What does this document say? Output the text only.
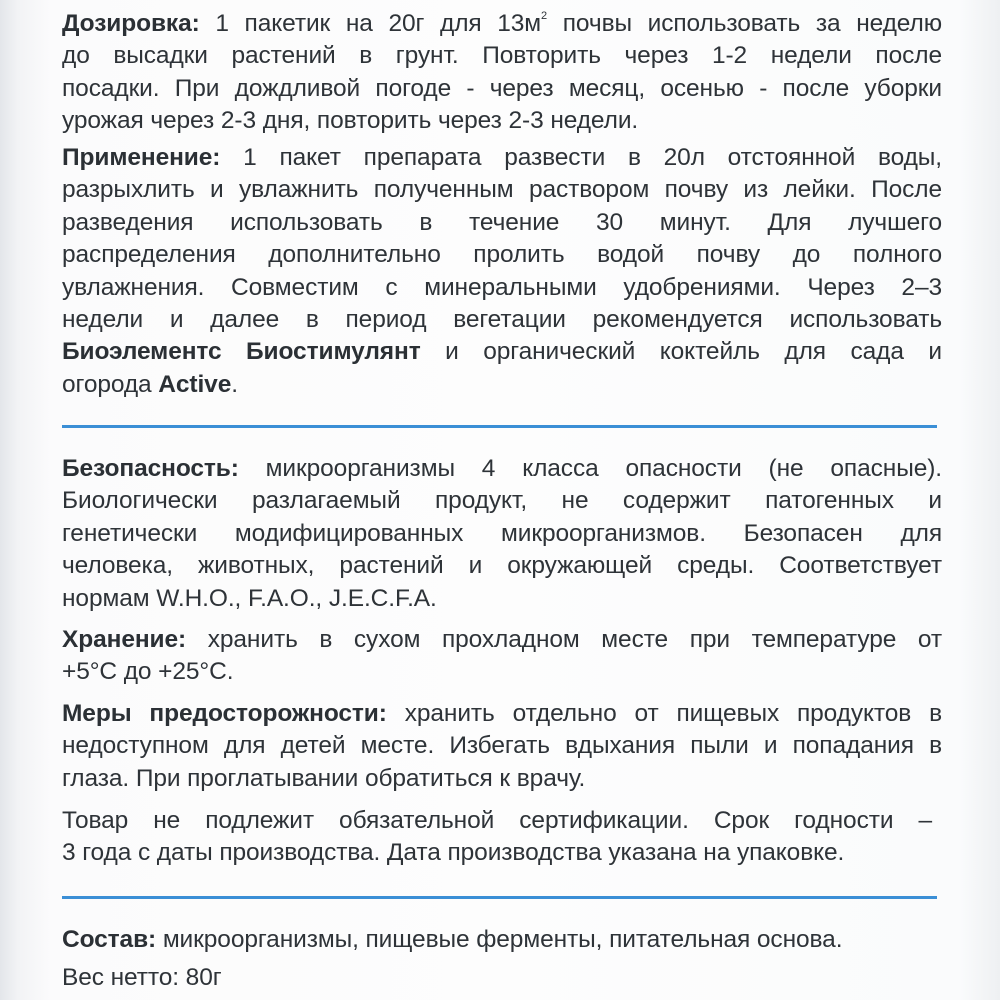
Дозировка: 1 пакетик на 20г для $13м^2$ почвы использовать за неделю
до высадки растений в грунт. Повторить через 1-2 недели после
посадки. При дождливой погоде - через месяц, осенью - после уборки
урожая через 2-3 дня, повторить через 2-3 недели.
Применение: 1 пакет препарата развести в 20л отстоянной воды,
разрыхлить и увлажнить полученным раствором почву из лейки. После
разведения использовать в течение 30 минут. Для лучшего
распределения дополнительно пролить водой почву до полного
увлажнения. Совместим с минеральными удобрениями. Через 2–3
недели и далее в период вегетации рекомендуется использовать
Биоэлементс Биостимулянт и органический коктейль для сада и
огорода Active.
Безопасность: микроорганизмы 4 класса опасности (не опасные).
Биологически разлагаемый продукт, не содержит патогенных и
генетически модифицированных микроорганизмов. Безопасен для
человека, животных, растений и окружающей среды. Соответствует
нормам W.H.O., F.A.O., J.E.C.F.A.
Хранение: хранить в сухом прохладном месте при температуре от
+5°С до +25°С.
Меры предосторожности: хранить отдельно от пищевых продуктов в
недоступном для детей месте. Избегать вдыхания пыли и попадания в
глаза. При проглатывании обратиться к врачу.
Товар не подлежит обязательной сертификации. Срок годности –
3 года с даты производства. Дата производства указана на упаковке.
Состав: микроорганизмы, пищевые ферменты, питательная основа.
Вес нетто: 80г
